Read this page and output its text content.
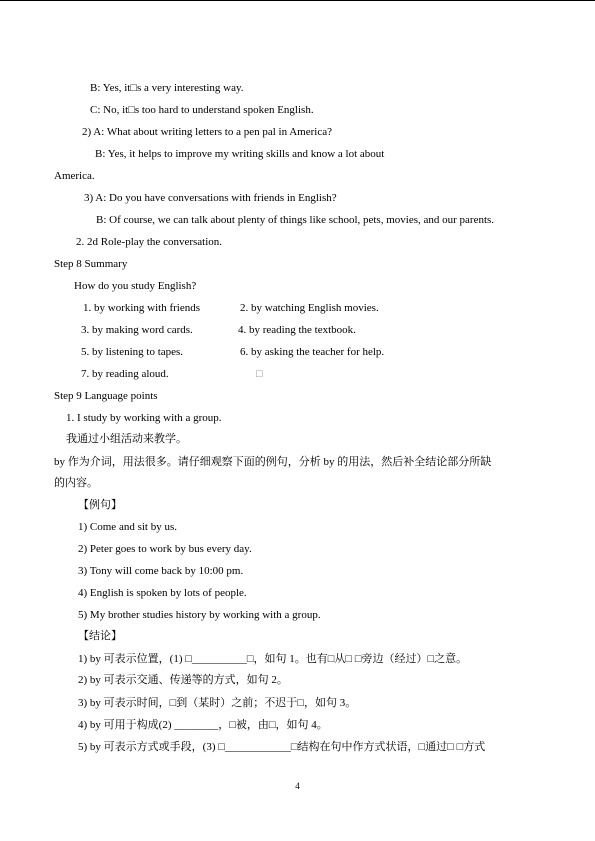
B: Yes, it□s a very interesting way.
C: No, it□s too hard to understand spoken English.
2) A: What about writing letters to a pen pal in America?
B: Yes, it helps to improve my writing skills and know a lot about
America.
3) A: Do you have conversations with friends in English?
B: Of course, we can talk about plenty of things like school, pets, movies, and our parents.
2. 2d Role-play the conversation.
Step 8 Summary
How do you study English?
1. by working with friends	2. by watching English movies.
3. by making word cards.	4. by reading the textbook.
5. by listening to tapes.	6. by asking the teacher for help.
7. by reading aloud.	□
Step 9 Language points
1. I study by working with a group.
我通过小组活动来教学。
by 作为介词，用法很多。请仔细观察下面的例句，分析 by 的用法，然后补全结论部分所缺
的内容。
【例句】
1) Come and sit by us.
2) Peter goes to work by bus every day.
3) Tony will come back by 10:00 pm.
4) English is spoken by lots of people.
5) My brother studies history by working with a group.
【结论】
1) by 可表示位置，(1) □__________□，如句 1。也有□从□ □旁边（经过）□之意。
2) by 可表示交通、传递等的方式，如句 2。
3) by 可表示时间，□到（某时）之前；不迟于□，如句 3。
4) by 可用于构成(2) ________，□被，由□，如句 4。
5) by 可表示方式或手段，(3) □____________□结构在句中作方式状语，□通过□ □方式
4
